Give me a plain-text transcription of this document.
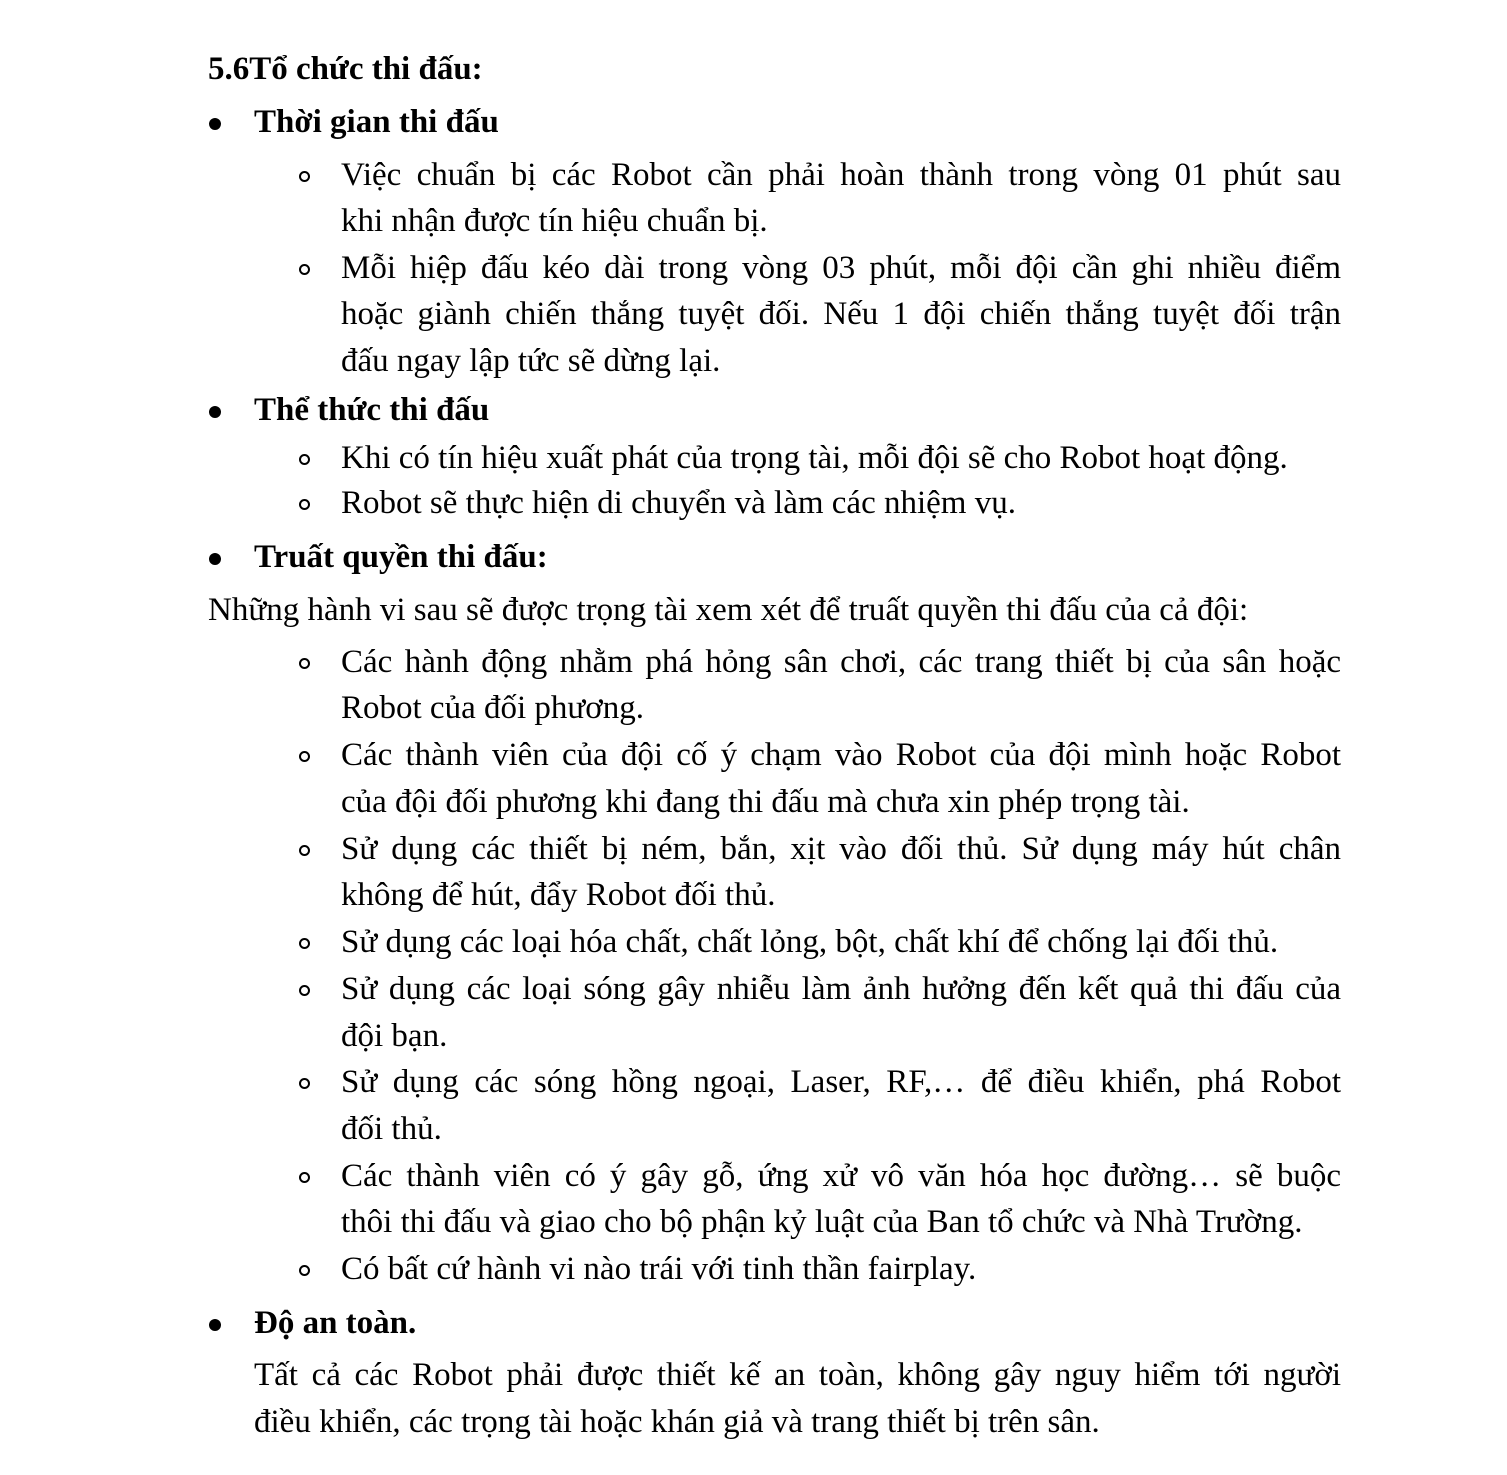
5.6Tổ chức thi đấu:
Thời gian thi đấu
Việc chuẩn bị các Robot cần phải hoàn thành trong vòng 01 phút sau
khi nhận được tín hiệu chuẩn bị.
Mỗi hiệp đấu kéo dài trong vòng 03 phút, mỗi đội cần ghi nhiều điểm
hoặc giành chiến thắng tuyệt đối. Nếu 1 đội chiến thắng tuyệt đối trận
đấu ngay lập tức sẽ dừng lại.
Thể thức thi đấu
Khi có tín hiệu xuất phát của trọng tài, mỗi đội sẽ cho Robot hoạt động.
Robot sẽ thực hiện di chuyển và làm các nhiệm vụ.
Truất quyền thi đấu:
Những hành vi sau sẽ được trọng tài xem xét để truất quyền thi đấu của cả đội:
Các hành động nhằm phá hỏng sân chơi, các trang thiết bị của sân hoặc
Robot của đối phương.
Các thành viên của đội cố ý chạm vào Robot của đội mình hoặc Robot
của đội đối phương khi đang thi đấu mà chưa xin phép trọng tài.
Sử dụng các thiết bị ném, bắn, xịt vào đối thủ. Sử dụng máy hút chân
không để hút, đẩy Robot đối thủ.
Sử dụng các loại hóa chất, chất lỏng, bột, chất khí để chống lại đối thủ.
Sử dụng các loại sóng gây nhiễu làm ảnh hưởng đến kết quả thi đấu của
đội bạn.
Sử dụng các sóng hồng ngoại, Laser, RF,… để điều khiển, phá Robot
đối thủ.
Các thành viên có ý gây gỗ, ứng xử vô văn hóa học đường… sẽ buộc
thôi thi đấu và giao cho bộ phận kỷ luật của Ban tổ chức và Nhà Trường.
Có bất cứ hành vi nào trái với tinh thần fairplay.
Độ an toàn.
Tất cả các Robot phải được thiết kế an toàn, không gây nguy hiểm tới người
điều khiển, các trọng tài hoặc khán giả và trang thiết bị trên sân.
